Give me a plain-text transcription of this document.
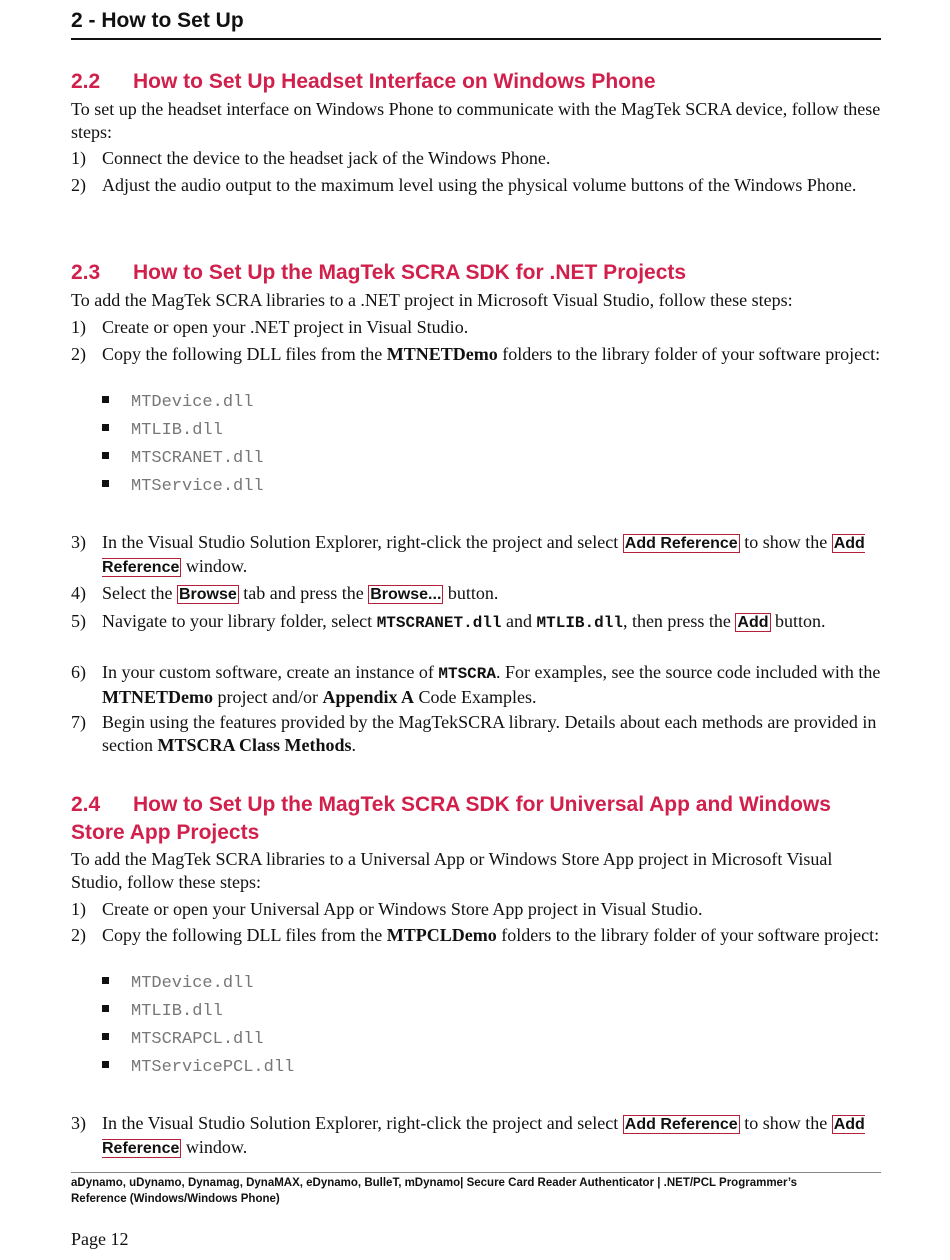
2 - How to Set Up
2.2 How to Set Up Headset Interface on Windows Phone
To set up the headset interface on Windows Phone to communicate with the MagTek SCRA device, follow these steps:
1) Connect the device to the headset jack of the Windows Phone.
2) Adjust the audio output to the maximum level using the physical volume buttons of the Windows Phone.
2.3 How to Set Up the MagTek SCRA SDK for .NET Projects
To add the MagTek SCRA libraries to a .NET project in Microsoft Visual Studio, follow these steps:
1) Create or open your .NET project in Visual Studio.
2) Copy the following DLL files from the MTNETDemo folders to the library folder of your software project:
MTDevice.dll
MTLIB.dll
MTSCRANET.dll
MTService.dll
3) In the Visual Studio Solution Explorer, right-click the project and select Add Reference to show the Add Reference window.
4) Select the Browse tab and press the Browse... button.
5) Navigate to your library folder, select MTSCRANET.dll and MTLIB.dll, then press the Add button.
6) In your custom software, create an instance of MTSCRA. For examples, see the source code included with the MTNETDemo project and/or Appendix A Code Examples.
7) Begin using the features provided by the MagTekSCRA library. Details about each methods are provided in section MTSCRA Class Methods.
2.4 How to Set Up the MagTek SCRA SDK for Universal App and Windows
Store App Projects
To add the MagTek SCRA libraries to a Universal App or Windows Store App project in Microsoft Visual Studio, follow these steps:
1) Create or open your Universal App or Windows Store App project in Visual Studio.
2) Copy the following DLL files from the MTPCLDemo folders to the library folder of your software project:
MTDevice.dll
MTLIB.dll
MTSCRAPCL.dll
MTServicePCL.dll
3) In the Visual Studio Solution Explorer, right-click the project and select Add Reference to show the Add Reference window.
aDynamo, uDynamo, Dynamag, DynaMAX, eDynamo, BulleT, mDynamo| Secure Card Reader Authenticator | .NET/PCL Programmer’s
Reference (Windows/Windows Phone)
Page 12
